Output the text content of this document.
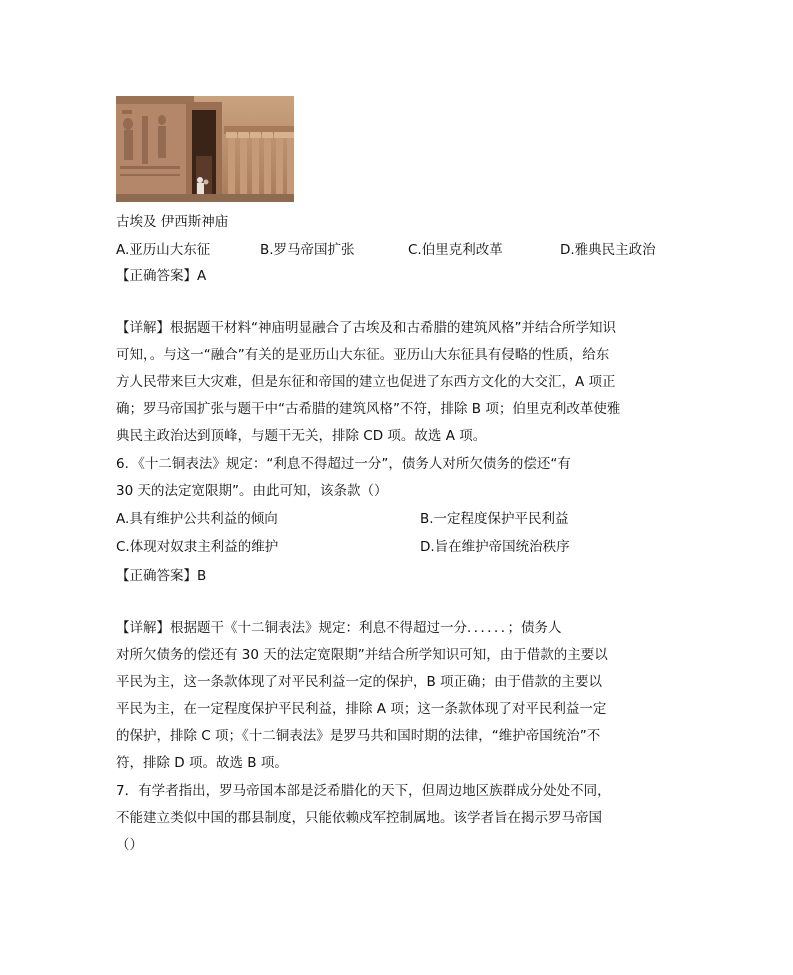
古埃及 伊西斯神庙
A.亚历山大东征	B.罗马帝国扩张	C.伯里克利改革	D.雅典民主政治
【正确答案】A
【详解】根据题干材料“神庙明显融合了古埃及和古希腊的建筑风格”并结合所学知识
可知，。与这一“融合”有关的是亚历山大东征。亚历山大东征具有侵略的性质，给东
方人民带来巨大灾难，但是东征和帝国的建立也促进了东西方文化的大交汇，A 项正
确；罗马帝国扩张与题干中“古希腊的建筑风格”不符，排除 B 项；伯里克利改革使雅
典民主政治达到顶峰，与题干无关，排除 CD 项。故选 A 项。
6．《十二铜表法》规定：“利息不得超过一分”，债务人对所欠债务的偿还“有
30 天的法定宽限期”。由此可知，该条款（）
A.具有维护公共利益的倾向	B.一定程度保护平民利益
C.体现对奴隶主利益的维护	D.旨在维护帝国统治秩序
【正确答案】B
【详解】根据题干《十二铜表法》规定：利息不得超过一分．．．．．．；债务人
对所欠债务的偿还有 30 天的法定宽限期”并结合所学知识可知，由于借款的主要以
平民为主，这一条款体现了对平民利益一定的保护，B 项正确；由于借款的主要以
平民为主，在一定程度保护平民利益，排除 A 项；这一条款体现了对平民利益一定
的保护，排除 C 项；《十二铜表法》是罗马共和国时期的法律，“维护帝国统治”不
符，排除 D 项。故选 B 项。
7．有学者指出，罗马帝国本部是泛希腊化的天下，但周边地区族群成分处处不同，
不能建立类似中国的郡县制度，只能依赖戍军控制属地。该学者旨在揭示罗马帝国
（）
